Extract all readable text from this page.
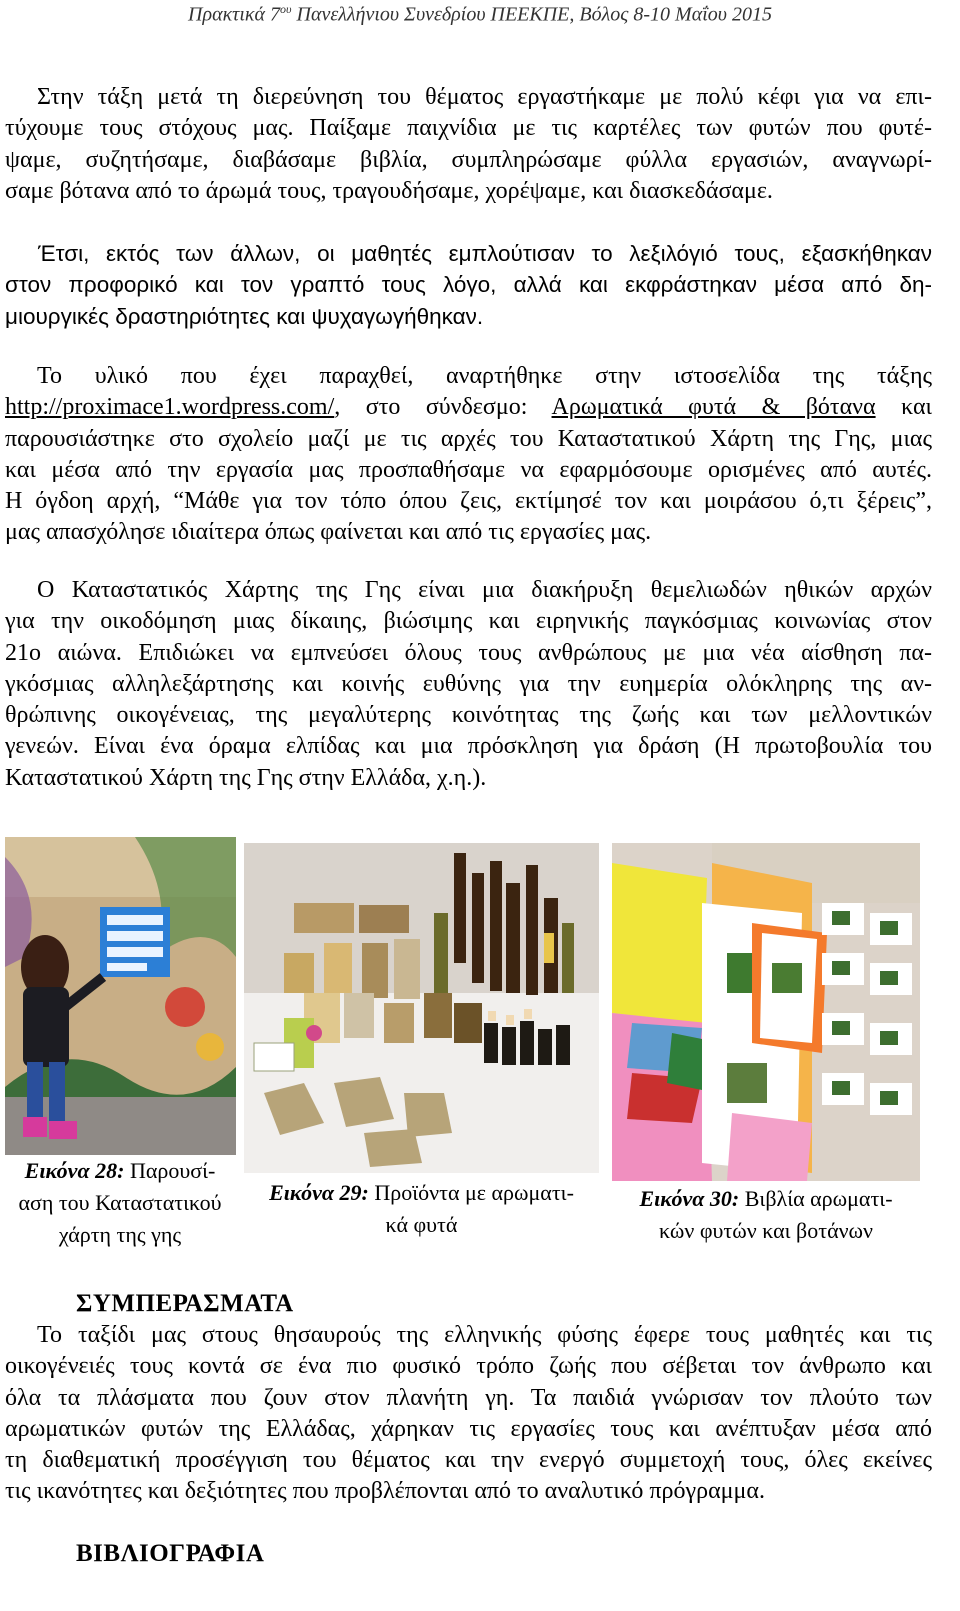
Πρακτικά $7^{o\upsilon}$ Πανελλήνιου Συνεδρίου ΠΕΕΚΠΕ, Βόλος 8-10 Μαΐου 2015
Στην τάξη μετά τη διερεύνηση του θέματος εργαστήκαμε με πολύ κέφι για να επι-
τύχουμε τους στόχους μας. Παίξαμε παιχνίδια με τις καρτέλες των φυτών που φυτέ-
ψαμε, συζητήσαμε, διαβάσαμε βιβλία, συμπληρώσαμε φύλλα εργασιών, αναγνωρί-
σαμε βότανα από το άρωμά τους, τραγουδήσαμε, χορέψαμε, και διασκεδάσαμε.
Έτσι, εκτός των άλλων, οι μαθητές εμπλούτισαν το λεξιλόγιό τους, εξασκήθηκαν
στον προφορικό και τον γραπτό τους λόγο, αλλά και εκφράστηκαν μέσα από δη-
μιουργικές δραστηριότητες και ψυχαγωγήθηκαν.
Το υλικό που έχει παραχθεί, αναρτήθηκε στην ιστοσελίδα της τάξης
http://proximace1.wordpress.com/, στο σύνδεσμο: Αρωματικά φυτά & βότανα και
παρουσιάστηκε στο σχολείο μαζί με τις αρχές του Καταστατικού Χάρτη της Γης, μιας
και μέσα από την εργασία μας προσπαθήσαμε να εφαρμόσουμε ορισμένες από αυτές.
Η όγδοη αρχή, “Μάθε για τον τόπο όπου ζεις, εκτίμησέ τον και μοιράσου ό,τι ξέρεις”,
μας απασχόλησε ιδιαίτερα όπως φαίνεται και από τις εργασίες μας.
Ο Καταστατικός Χάρτης της Γης είναι μια διακήρυξη θεμελιωδών ηθικών αρχών
για την οικοδόμηση μιας δίκαιης, βιώσιμης και ειρηνικής παγκόσμιας κοινωνίας στον
21ο αιώνα. Επιδιώκει να εμπνεύσει όλους τους ανθρώπους με μια νέα αίσθηση πα-
γκόσμιας αλληλεξάρτησης και κοινής ευθύνης για την ευημερία ολόκληρης της αν-
θρώπινης οικογένειας, της μεγαλύτερης κοινότητας της ζωής και των μελλοντικών
γενεών. Είναι ένα όραμα ελπίδας και μια πρόσκληση για δράση (Η πρωτοβουλία του
Καταστατικού Χάρτη της Γης στην Ελλάδα, χ.η.).
Εικόνα 28: Παρουσί-
αση του Καταστατικού
χάρτη της γης
Εικόνα 29: Προϊόντα με αρωματι-
κά φυτά
Εικόνα 30: Βιβλία αρωματι-
κών φυτών και βοτάνων
ΣΥΜΠΕΡΑΣΜΑΤΑ
Το ταξίδι μας στους θησαυρούς της ελληνικής φύσης έφερε τους μαθητές και τις
οικογένειές τους κοντά σε ένα πιο φυσικό τρόπο ζωής που σέβεται τον άνθρωπο και
όλα τα πλάσματα που ζουν στον πλανήτη γη. Τα παιδιά γνώρισαν τον πλούτο των
αρωματικών φυτών της Ελλάδας, χάρηκαν τις εργασίες τους και ανέπτυξαν μέσα από
τη διαθεματική προσέγγιση του θέματος και την ενεργό συμμετοχή τους, όλες εκείνες
τις ικανότητες και δεξιότητες που προβλέπονται από το αναλυτικό πρόγραμμα.
ΒΙΒΛΙΟΓΡΑΦΙΑ
